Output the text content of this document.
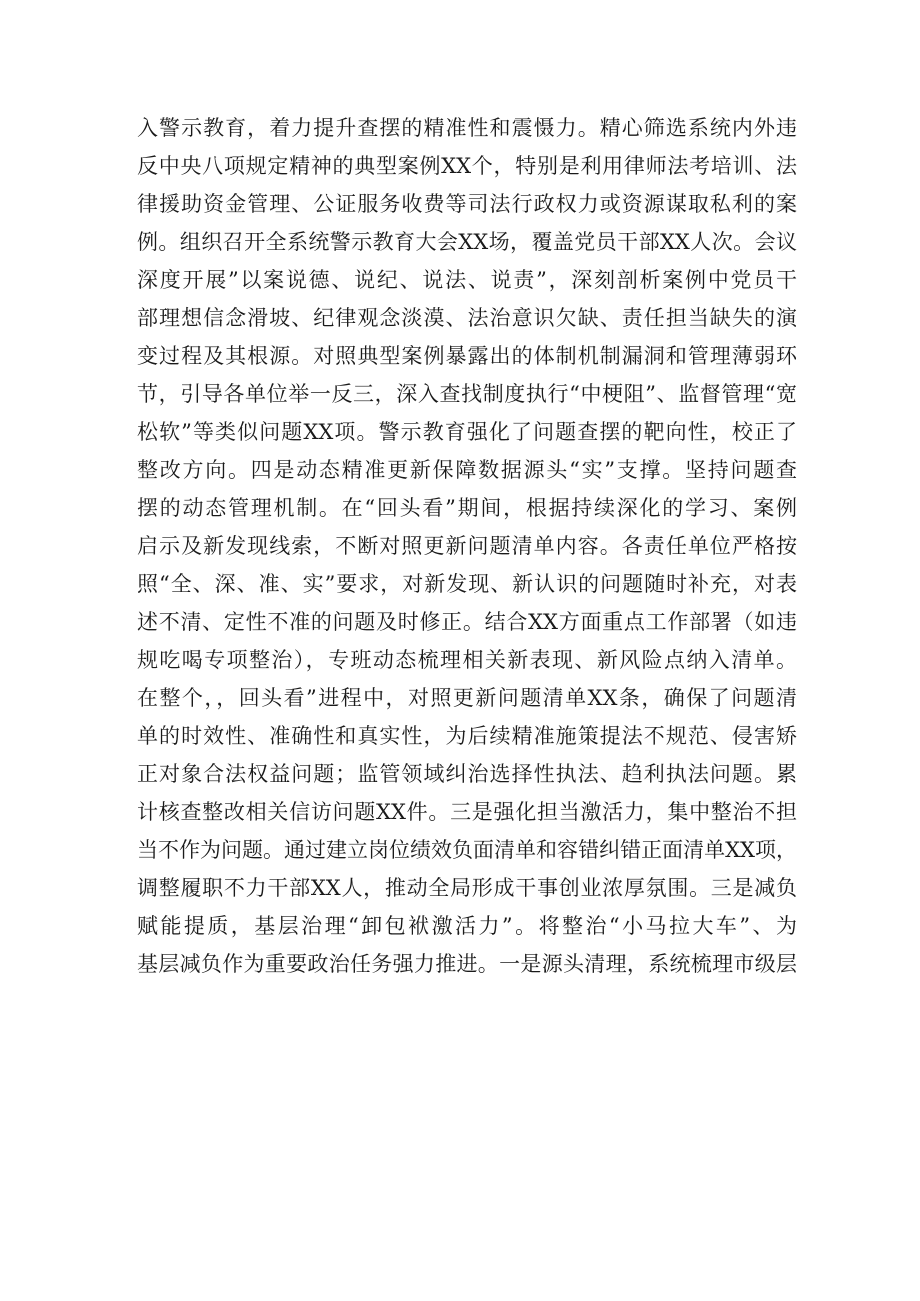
入警示教育，着力提升查摆的精准性和震慑力。精心筛选系统内外违
反中央八项规定精神的典型案例XX个，特别是利用律师法考培训、法
律援助资金管理、公证服务收费等司法行政权力或资源谋取私利的案
例。组织召开全系统警示教育大会XX场，覆盖党员干部XX人次。会议
深度开展”以案说德、说纪、说法、说责”，深刻剖析案例中党员干
部理想信念滑坡、纪律观念淡漠、法治意识欠缺、责任担当缺失的演
变过程及其根源。对照典型案例暴露出的体制机制漏洞和管理薄弱环
节，引导各单位举一反三，深入查找制度执行“中梗阻”、监督管理“宽
松软”等类似问题XX项。警示教育强化了问题查摆的靶向性，校正了
整改方向。四是动态精准更新保障数据源头“实”支撑。坚持问题查
摆的动态管理机制。在“回头看”期间，根据持续深化的学习、案例
启示及新发现线索，不断对照更新问题清单内容。各责任单位严格按
照“全、深、准、实”要求，对新发现、新认识的问题随时补充，对表
述不清、定性不准的问题及时修正。结合XX方面重点工作部署（如违
规吃喝专项整治），专班动态梳理相关新表现、新风险点纳入清单。
在整个，，回头看”进程中，对照更新问题清单XX条，确保了问题清
单的时效性、准确性和真实性，为后续精准施策提法不规范、侵害矫
正对象合法权益问题；监管领域纠治选择性执法、趋利执法问题。累
计核查整改相关信访问题XX件。三是强化担当激活力，集中整治不担
当不作为问题。通过建立岗位绩效负面清单和容错纠错正面清单XX项，
调整履职不力干部XX人，推动全局形成干事创业浓厚氛围。三是减负
赋能提质，基层治理“卸包袱激活力”。将整治“小马拉大车”、为
基层减负作为重要政治任务强力推进。一是源头清理，系统梳理市级层
